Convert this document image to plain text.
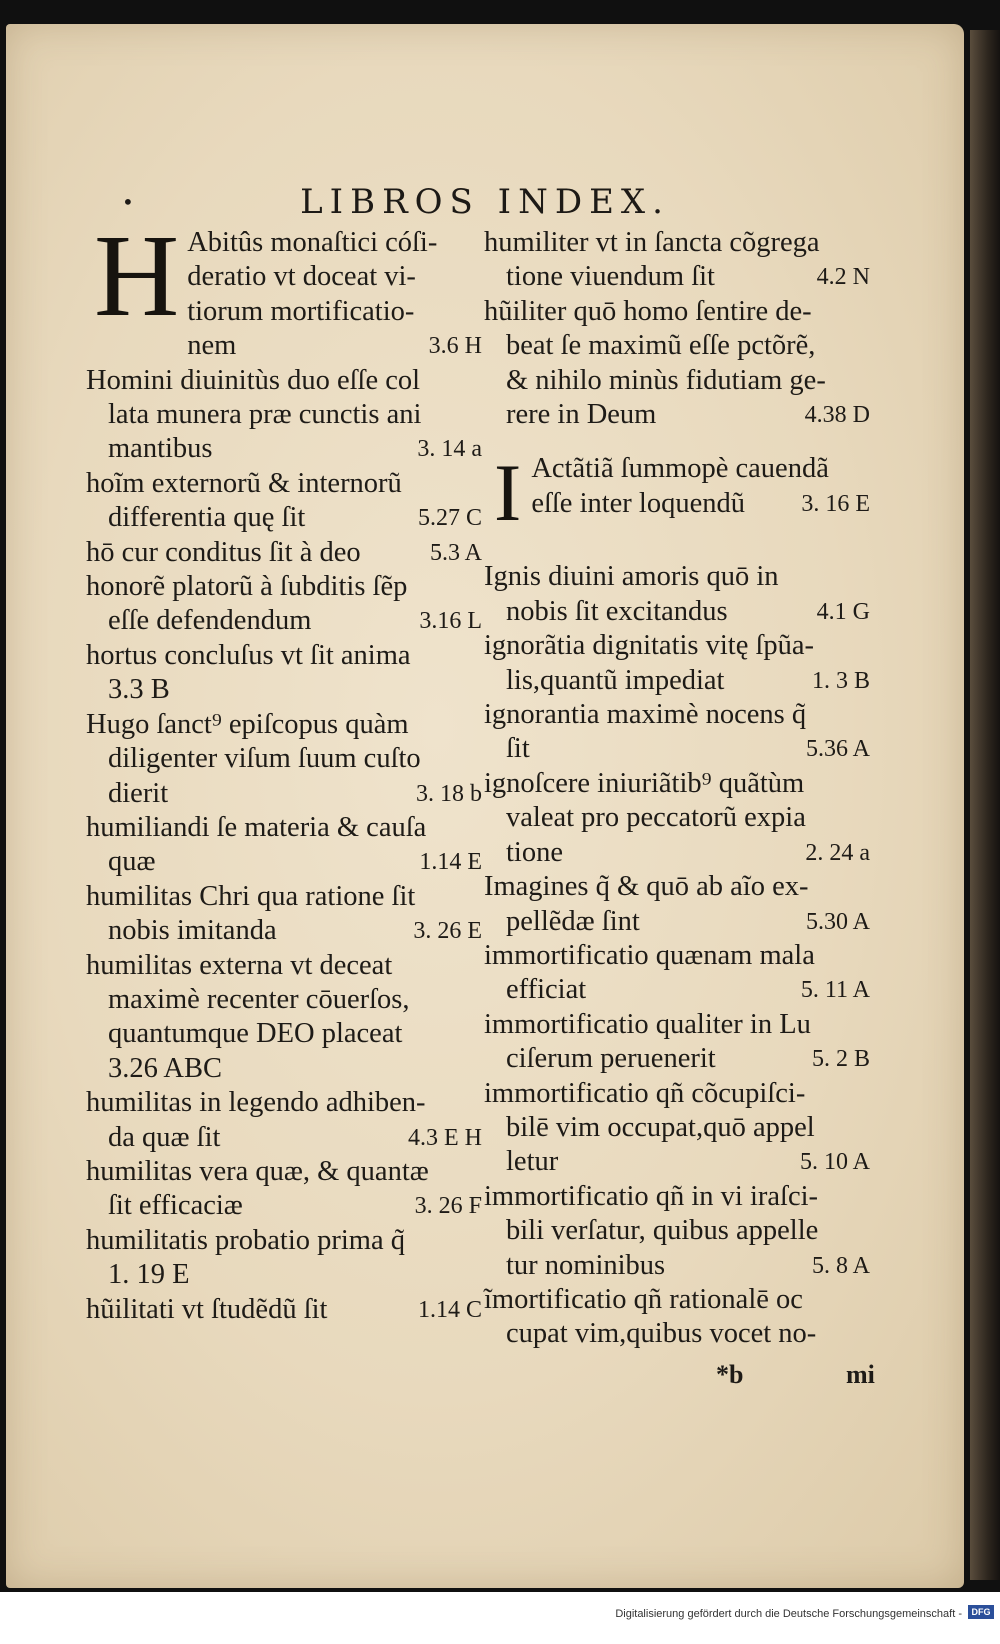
•	LIBROS INDEX.
H Abitûs monaſtici cóſi-
deratio vt doceat vi-
tiorum mortificatio-
nem	3.6 H
Homini diuinitùs duo eſſe col
lata munera præ cunctis ani
mantibus	3. 14 a
hoĩm externorũ & internorũ
differentia quę ſit	5.27 C
hō cur conditus ſit à deo	5.3 A
honorẽ platorũ à ſubditis ſẽp
eſſe defendendum	3.16 L
hortus concluſus vt ſit anima
3.3 B
Hugo ſanct⁹ epiſcopus quàm
diligenter viſum ſuum cuſto
dierit	3. 18 b
humiliandi ſe materia & cauſa
quæ	1.14 E
humilitas Chri qua ratione ſit
nobis imitanda	3. 26 E
humilitas externa vt deceat
maximè recenter cōuerſos,
quantumque DEO placeat
3.26 ABC
humilitas in legendo adhiben-
da quæ ſit	4.3 E H
humilitas vera quæ, & quantæ
ſit efficaciæ	3. 26 F
humilitatis probatio prima q̃
1. 19 E
hũilitati vt ſtudẽdũ ſit	1.14 C
humiliter vt in ſancta cõgrega
tione viuendum ſit	4.2 N
hũiliter quō homo ſentire de-
beat ſe maximũ eſſe pctõrẽ,
& nihilo minùs fidutiam ge-
rere in Deum	4.38 D
I Actãtiã ſummopè cauendã
eſſe inter loquendũ 3. 16 E
Ignis diuini amoris quō in
nobis ſit excitandus	4.1 G
ignorãtia dignitatis vitę ſpũa-
lis,quantũ impediat	1. 3 B
ignorantia maximè nocens q̃
ſit	5.36 A
ignoſcere iniuriãtib⁹ quãtùm
valeat pro peccatorũ expia
tione	2. 24 a
Imagines q̃ & quō ab aĩo ex-
pellẽdæ ſint	5.30 A
immortificatio quænam mala
efficiat	5. 11 A
immortificatio qualiter in Lu
ciſerum peruenerit	5. 2 B
immortificatio qñ cõcupiſci-
bilē vim occupat,quō appel
letur	5. 10 A
immortificatio qñ in vi iraſci-
bili verſatur, quibus appelle
tur nominibus	5. 8 A
ĩmortificatio qñ rationalē oc
cupat vim,quibus vocet no-
*b	mi
Digitalisierung gefördert durch die Deutsche Forschungsgemeinschaft -	DFG
